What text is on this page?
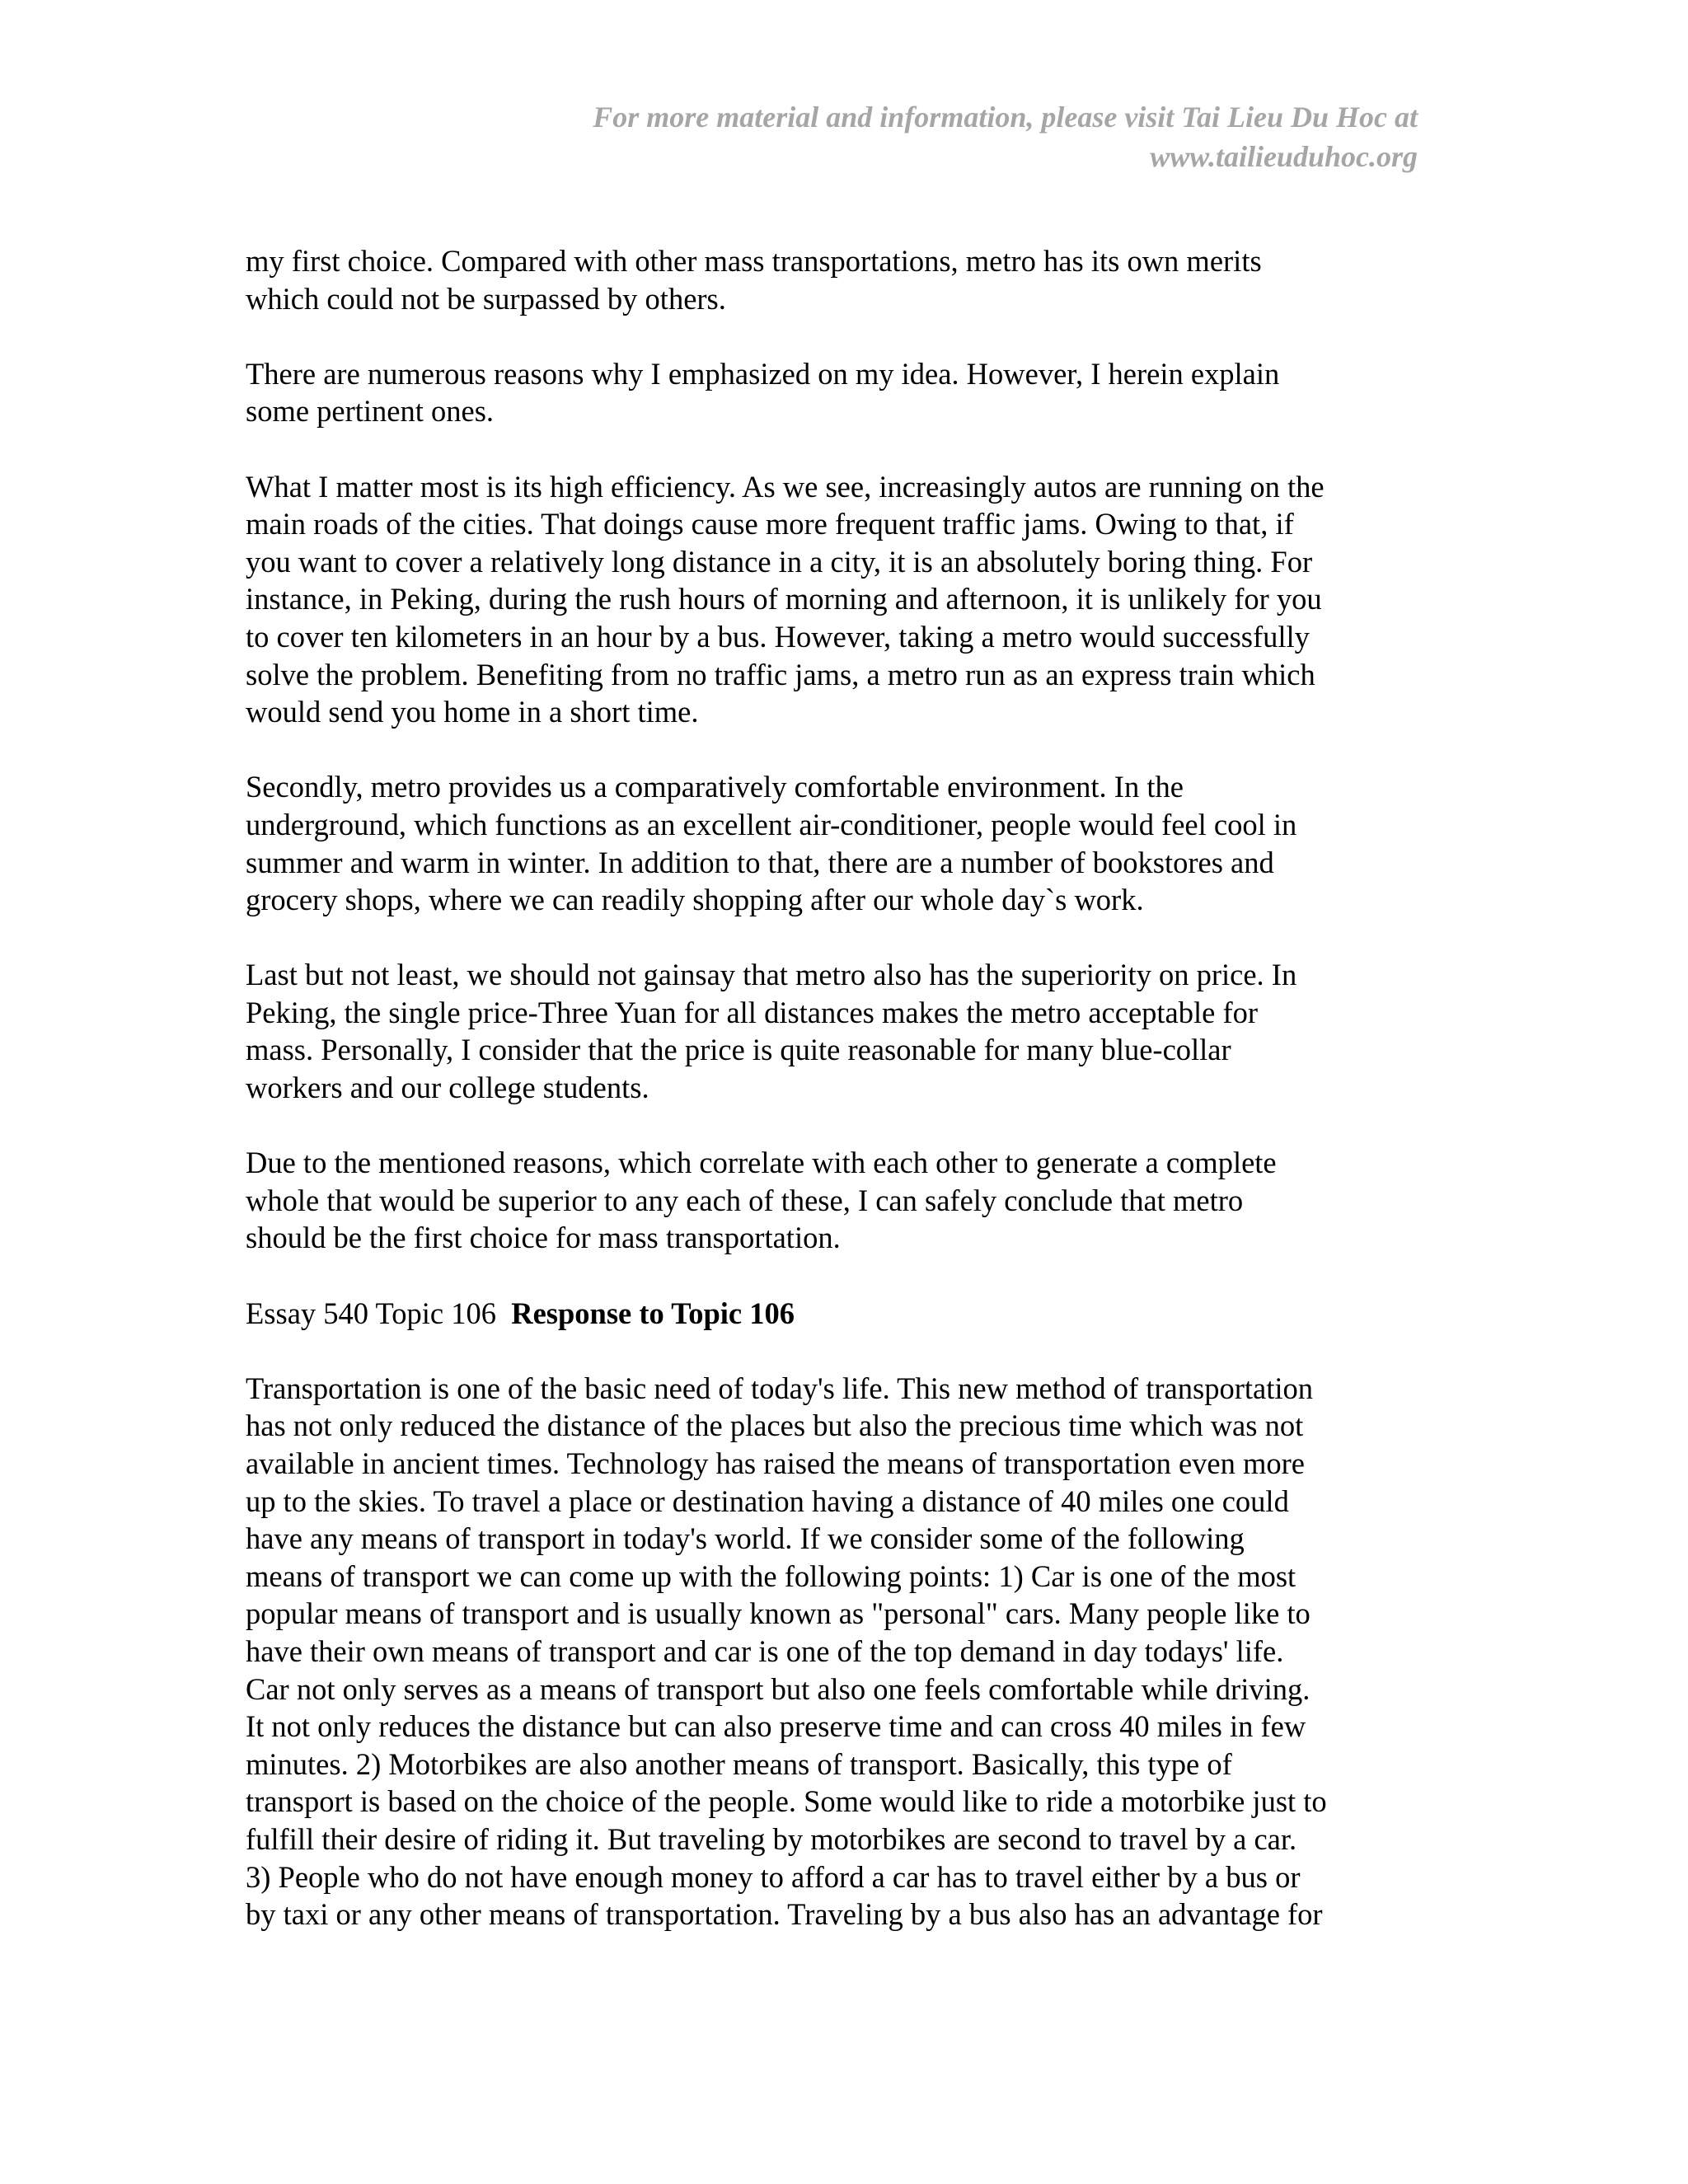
For more material and information, please visit Tai Lieu Du Hoc at
www.tailieuduhoc.org

my first choice. Compared with other mass transportations, metro has its own merits
which could not be surpassed by others.

There are numerous reasons why I emphasized on my idea. However, I herein explain
some pertinent ones.

What I matter most is its high efficiency. As we see, increasingly autos are running on the
main roads of the cities. That doings cause more frequent traffic jams. Owing to that, if
you want to cover a relatively long distance in a city, it is an absolutely boring thing. For
instance, in Peking, during the rush hours of morning and afternoon, it is unlikely for you
to cover ten kilometers in an hour by a bus. However, taking a metro would successfully
solve the problem. Benefiting from no traffic jams, a metro run as an express train which
would send you home in a short time.

Secondly, metro provides us a comparatively comfortable environment. In the
underground, which functions as an excellent air-conditioner, people would feel cool in
summer and warm in winter. In addition to that, there are a number of bookstores and
grocery shops, where we can readily shopping after our whole day`s work.

Last but not least, we should not gainsay that metro also has the superiority on price. In
Peking, the single price-Three Yuan for all distances makes the metro acceptable for
mass. Personally, I consider that the price is quite reasonable for many blue-collar
workers and our college students.

Due to the mentioned reasons, which correlate with each other to generate a complete
whole that would be superior to any each of these, I can safely conclude that metro
should be the first choice for mass transportation.

Essay 540 Topic 106 Response to Topic 106

Transportation is one of the basic need of today's life. This new method of transportation
has not only reduced the distance of the places but also the precious time which was not
available in ancient times. Technology has raised the means of transportation even more
up to the skies. To travel a place or destination having a distance of 40 miles one could
have any means of transport in today's world. If we consider some of the following
means of transport we can come up with the following points: 1) Car is one of the most
popular means of transport and is usually known as "personal" cars. Many people like to
have their own means of transport and car is one of the top demand in day todays' life.
Car not only serves as a means of transport but also one feels comfortable while driving.
It not only reduces the distance but can also preserve time and can cross 40 miles in few
minutes. 2) Motorbikes are also another means of transport. Basically, this type of
transport is based on the choice of the people. Some would like to ride a motorbike just to
fulfill their desire of riding it. But traveling by motorbikes are second to travel by a car.
3) People who do not have enough money to afford a car has to travel either by a bus or
by taxi or any other means of transportation. Traveling by a bus also has an advantage for
